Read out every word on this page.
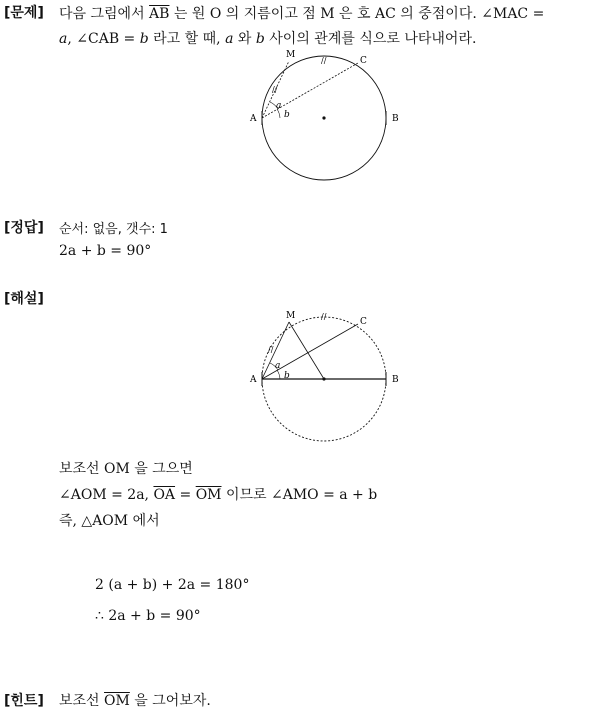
[문제] 다음 그림에서 $\overline{AB}$ 는 원 O 의 지름이고 점 M 은 호 AC 의 중점이다. ∠MAC =
a, ∠CAB = b 라고 할 때, a 와 b 사이의 관계를 식으로 나타내어라.
//
//
A	B
C
M
a
b
[정답] 순서: 없음, 갯수: 1
2a + b = 90°
[해설]
//
//
A	B
C
M
a
b
보조선 OM 을 그으면
∠AOM = 2a, $\overline{OA} = \overline{OM}$ 이므로 ∠AMO = a + b
즉, △AOM 에서
2 (a + b) + 2a = 180°
∴ 2a + b = 90°
[힌트] 보조선 $\overline{OM}$ 을 그어보자.
